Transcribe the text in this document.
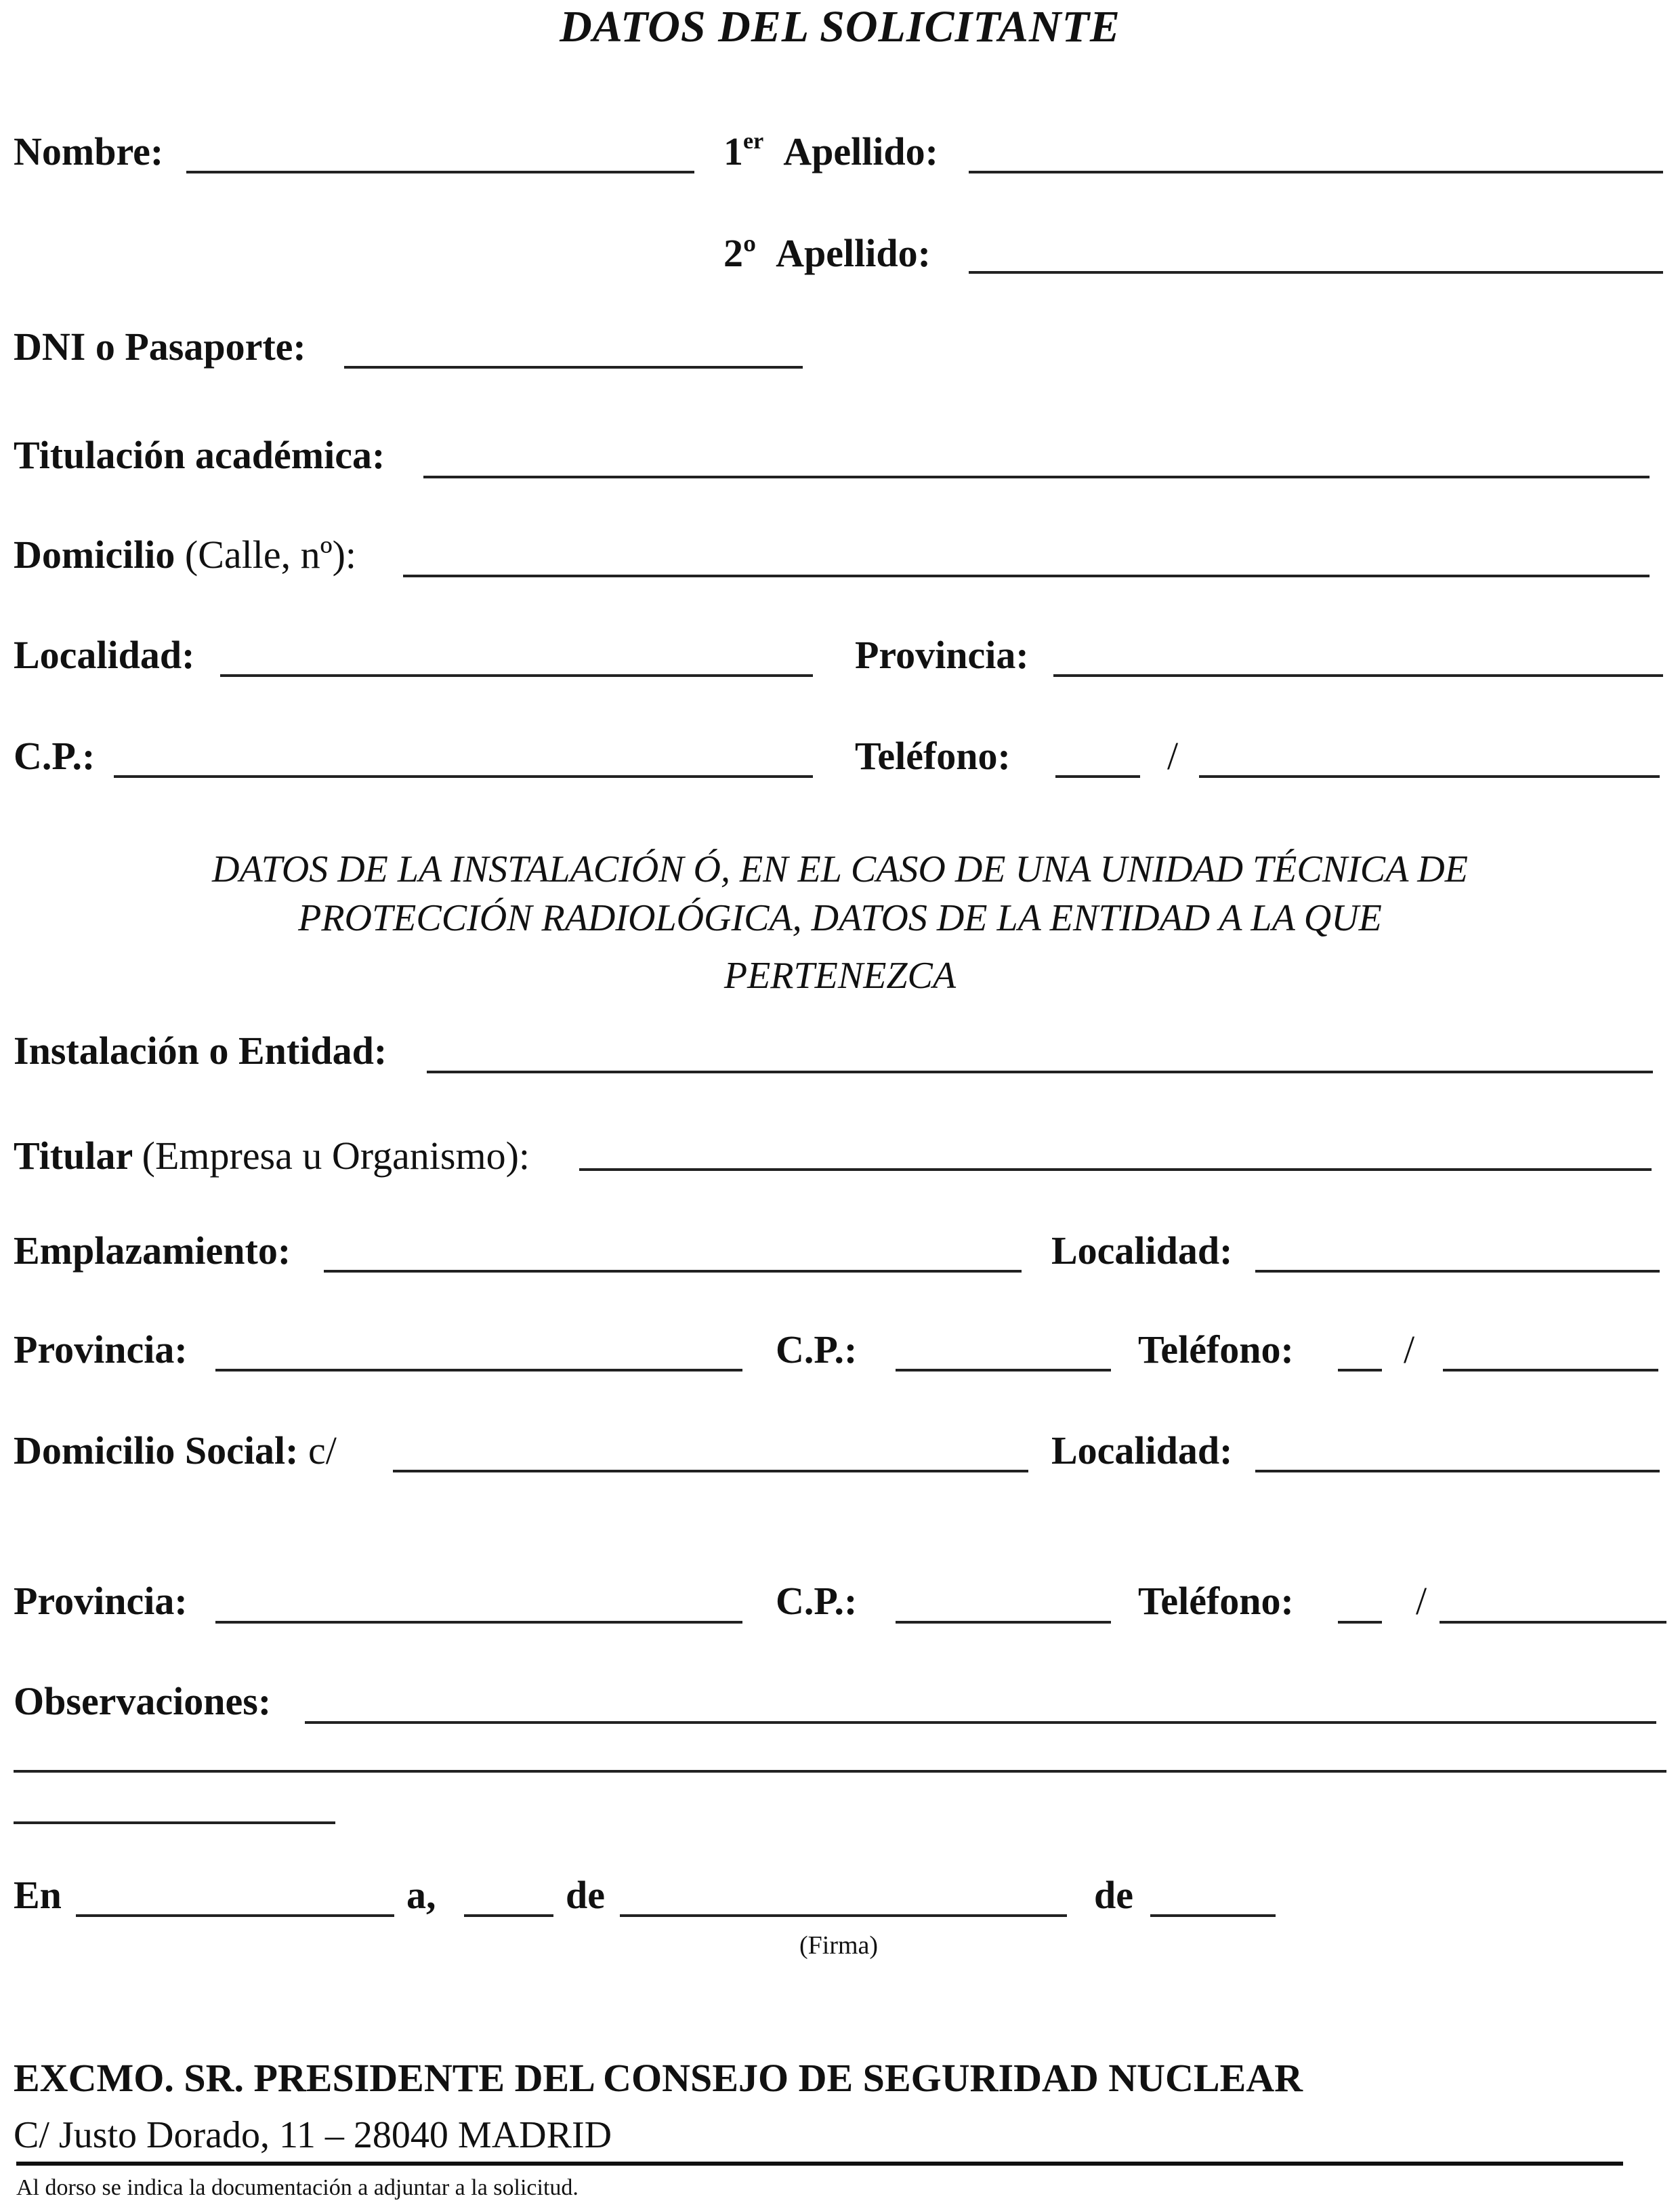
DATOS DEL SOLICITANTE
Nombre:	1er Apellido:
2º Apellido:
DNI o Pasaporte:
Titulación académica:
Domicilio (Calle, nº):
Localidad:	Provincia:
C.P.:	Teléfono:	/
DATOS DE LA INSTALACIÓN Ó, EN EL CASO DE UNA UNIDAD TÉCNICA DE
PROTECCIÓN RADIOLÓGICA, DATOS DE LA ENTIDAD A LA QUE
PERTENEZCA
Instalación o Entidad:
Titular (Empresa u Organismo):
Emplazamiento:	Localidad:
Provincia:	C.P.:	Teléfono:	/
Domicilio Social: c/	Localidad:
Provincia:	C.P.:	Teléfono:	/
Observaciones:
En	a,	de	de
(Firma)
EXCMO. SR. PRESIDENTE DEL CONSEJO DE SEGURIDAD NUCLEAR
C/ Justo Dorado, 11 – 28040 MADRID
Al dorso se indica la documentación a adjuntar a la solicitud.
